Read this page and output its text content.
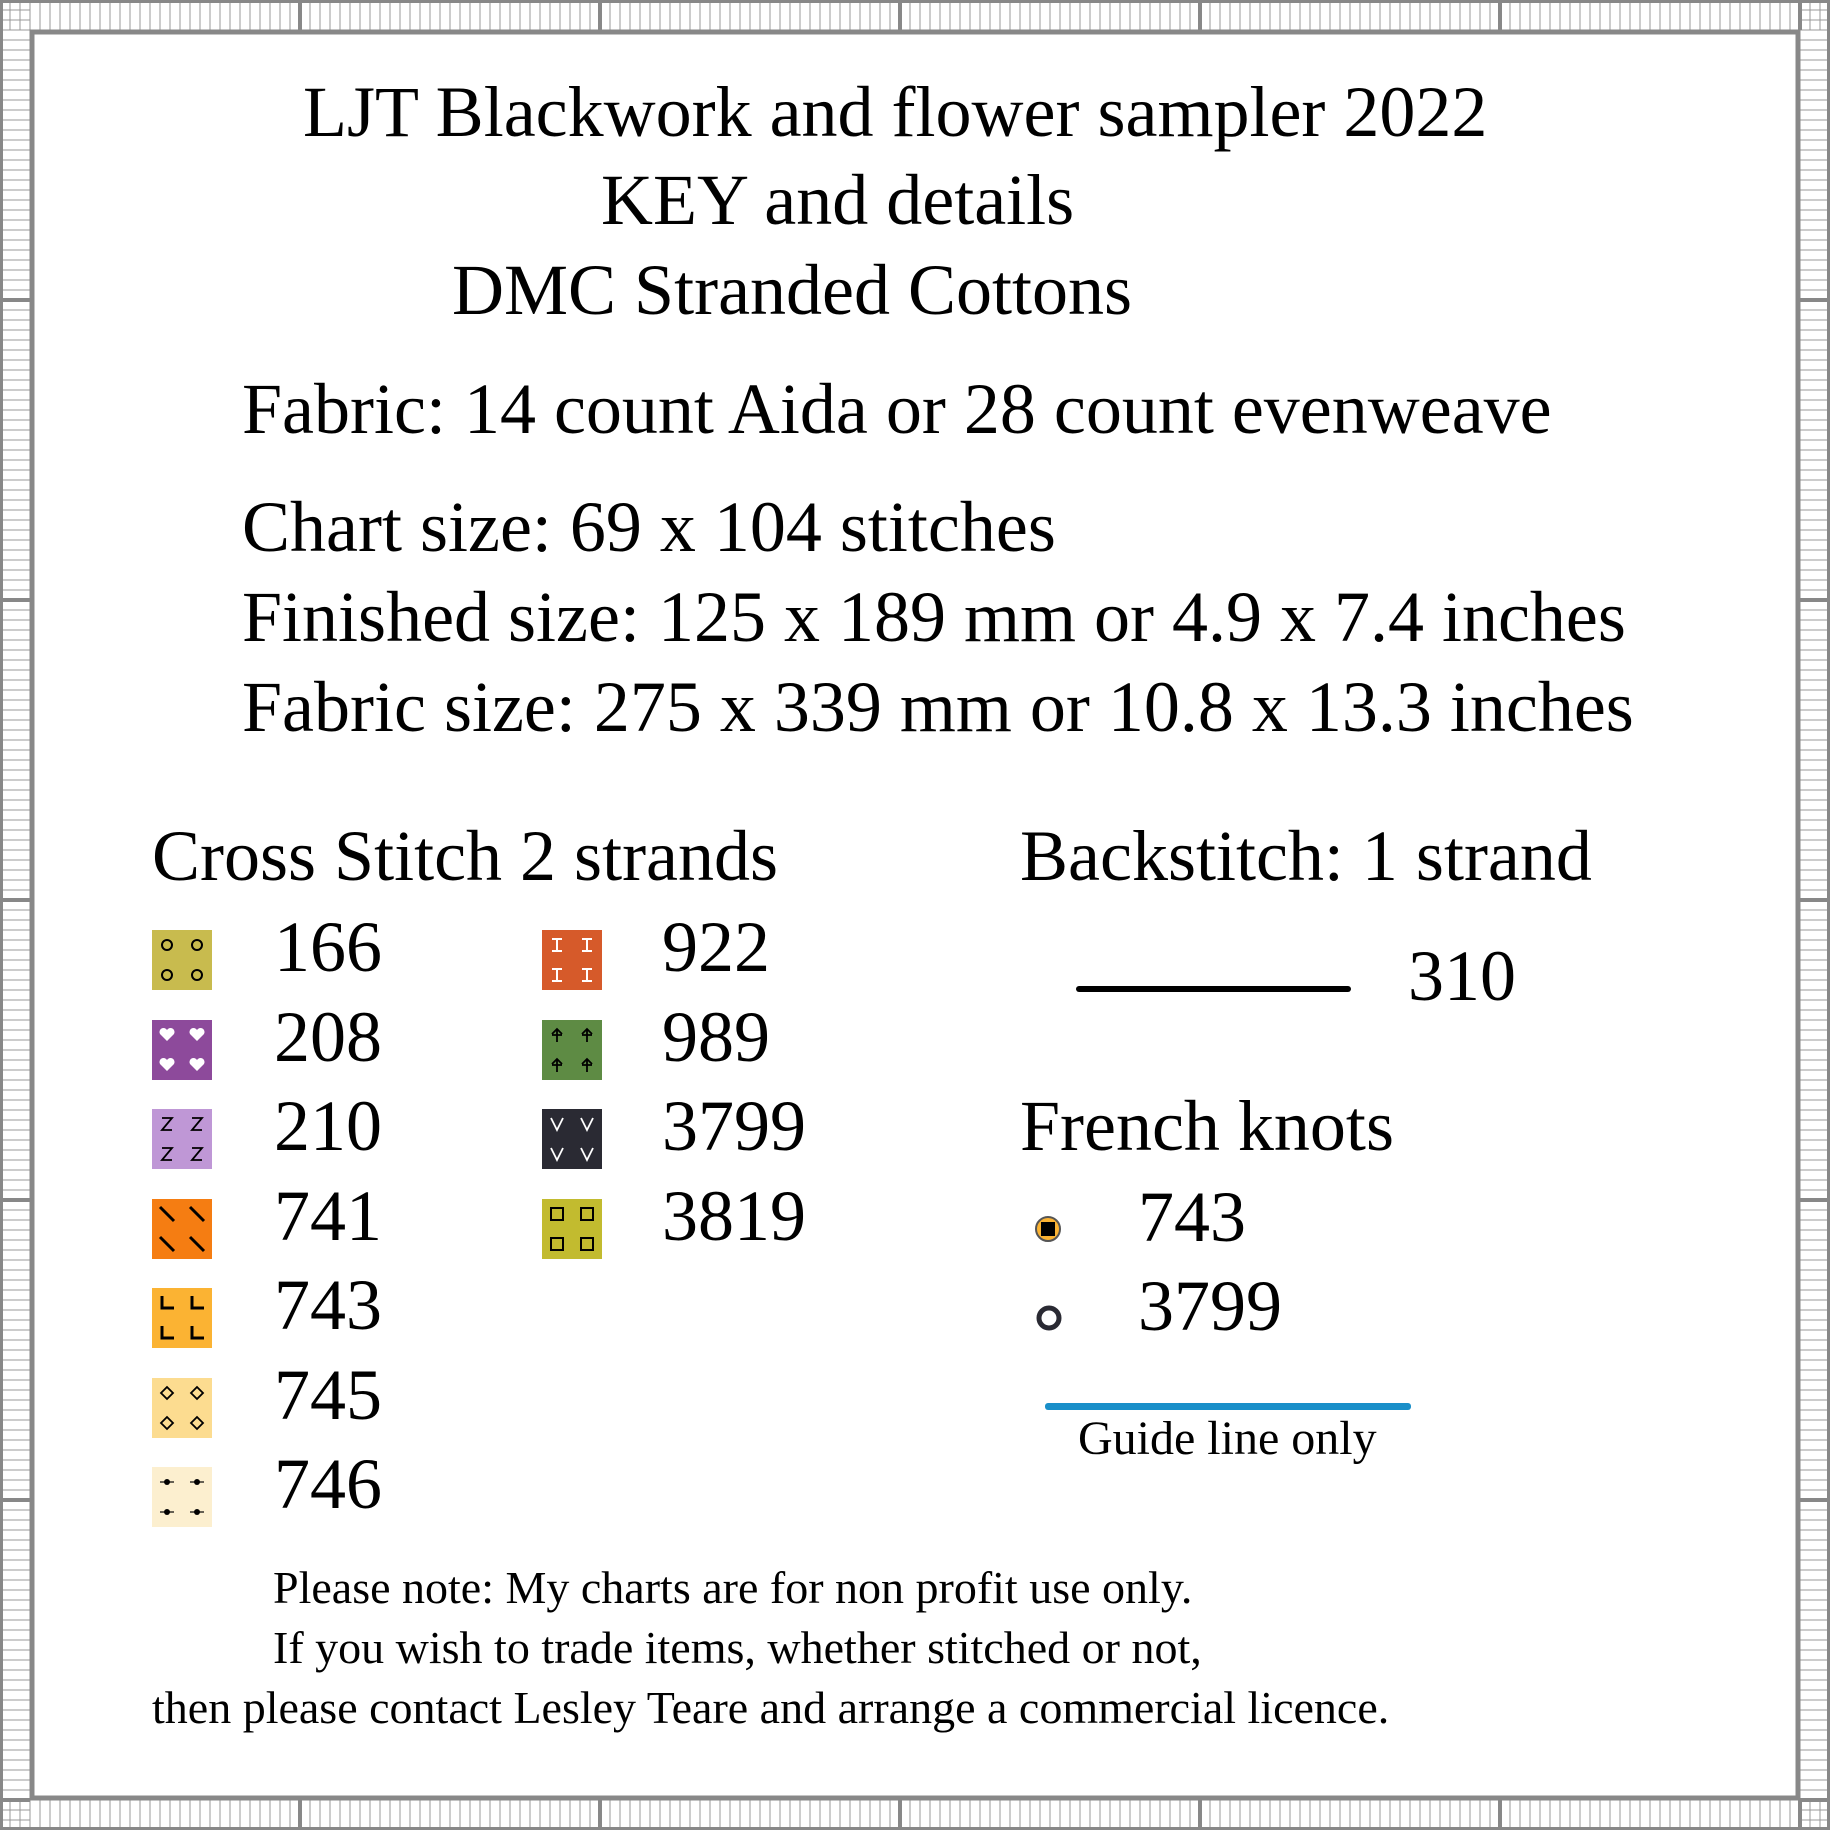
LJT Blackwork and flower sampler 2022
KEY and details
DMC Stranded Cottons
Fabric: 14 count Aida or 28 count evenweave
Chart size: 69 x 104 stitches
Finished size: 125 x 189 mm or 4.9 x 7.4 inches
Fabric size: 275 x 339 mm or 10.8 x 13.3 inches
Cross Stitch 2 strands
166
208
210
741
743
745
746
922
989
3799
3819
Backstitch: 1 strand
310
French knots
743
3799
Guide line only
Please note: My charts are for non profit use only.
If you wish to trade items, whether stitched or not,
then please contact Lesley Teare and arrange a commercial licence.
